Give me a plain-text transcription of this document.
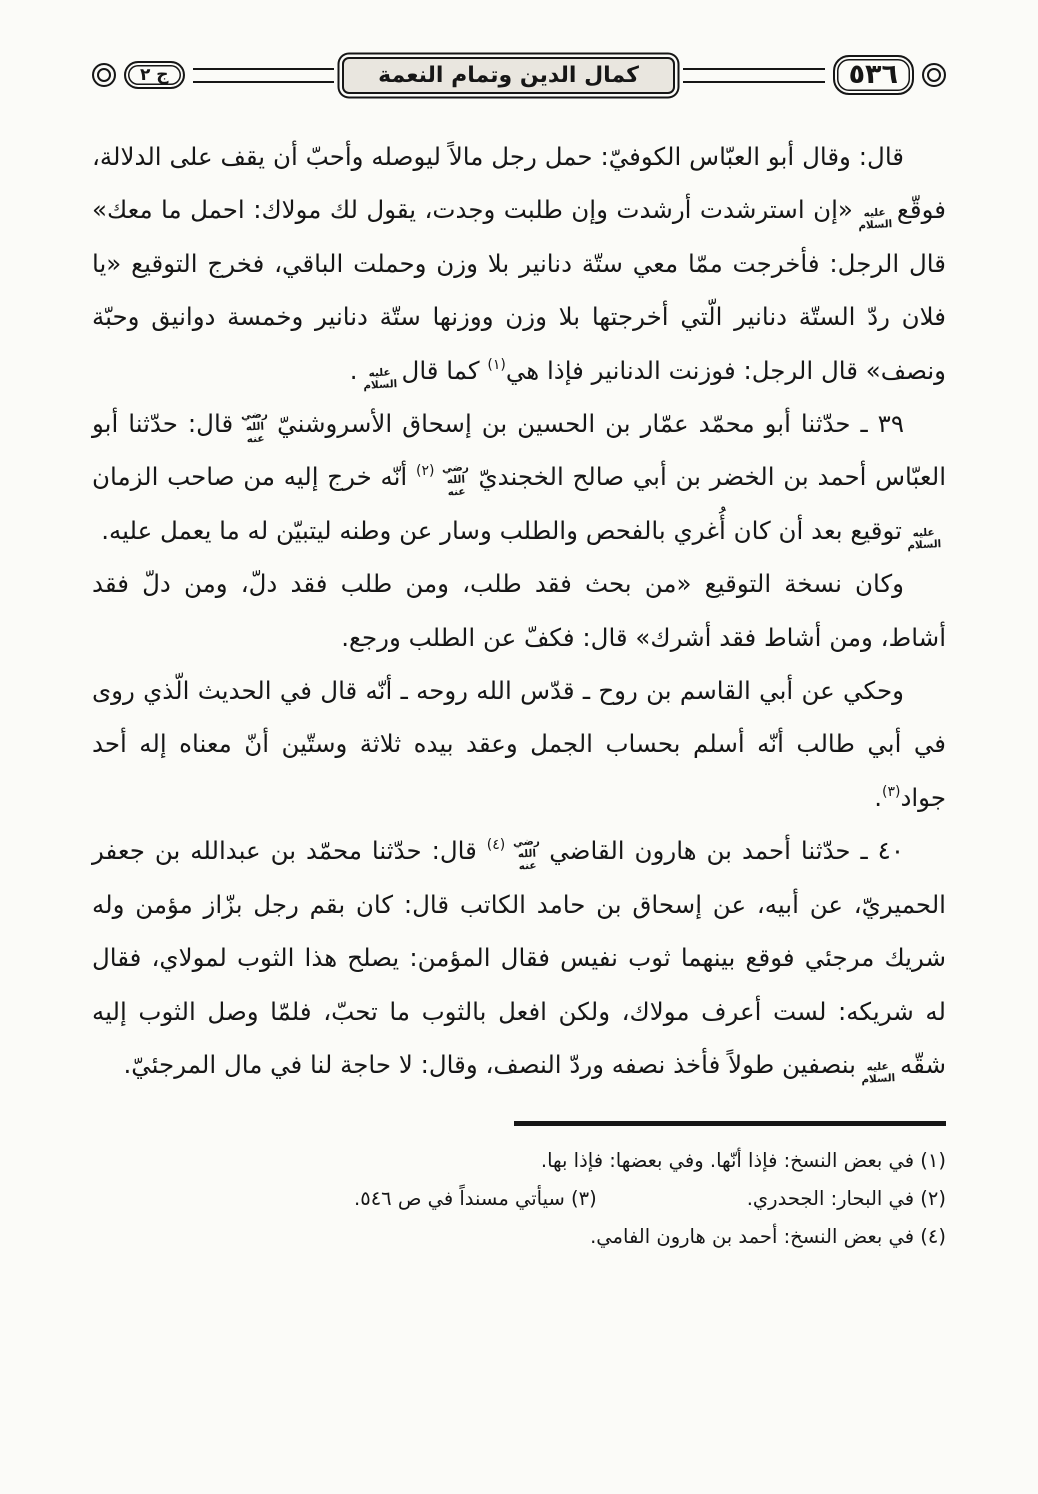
ج ٢	كمال الدين وتمام النعمة	٥٣٦

قال: وقال أبو العبّاس الكوفيّ: حمل رجل مالاً ليوصله وأحبّ أن يقف على الدلالة، فوقّععليه السلام«إن استرشدت أرشدت وإن طلبت وجدت، يقول لك مولاك: احمل ما معك» قال الرجل: فأخرجت ممّا معي ستّة دنانير بلا وزن وحملت الباقي، فخرج التوقيع «يا فلان ردّ الستّة دنانير الّتي أخرجتها بلا وزن ووزنها ستّة دنانير وخمسة دوانيق وحبّة ونصف» قال الرجل: فوزنت الدنانير فإذا هي$^{(١)}$ كما قالعليه السلام.

٣٩ ـ حدّثنا أبو محمّد عمّار بن الحسين بن إسحاق الأسروشنيّرضي الله عنهقال: حدّثنا أبو العبّاس أحمد بن الخضر بن أبي صالح الخجنديّرضي الله عنه$^{(٢)}$ أنّه خرج إليه من صاحب الزمانعليه السلامتوقيع بعد أن كان أُغري بالفحص والطلب وسار عن وطنه ليتبيّن له ما يعمل عليه.

وكان نسخة التوقيع «من بحث فقد طلب، ومن طلب فقد دلّ، ومن دلّ فقد أشاط، ومن أشاط فقد أشرك» قال: فكفّ عن الطلب ورجع.

وحكي عن أبي القاسم بن روح ـ قدّس الله روحه ـ أنّه قال في الحديث الّذي روى في أبي طالب أنّه أسلم بحساب الجمل وعقد بيده ثلاثة وستّين أنّ معناه إله أحد جواد$^{(٣)}$.

٤٠ ـ حدّثنا أحمد بن هارون القاضيرضي الله عنه$^{(٤)}$ قال: حدّثنا محمّد بن عبدالله بن جعفر الحميريّ، عن أبيه، عن إسحاق بن حامد الكاتب قال: كان بقم رجل بزّاز مؤمن وله شريك مرجئي فوقع بينهما ثوب نفيس فقال المؤمن: يصلح هذا الثوب لمولاي، فقال له شريكه: لست أعرف مولاك، ولكن افعل بالثوب ما تحبّ، فلمّا وصل الثوب إليه شقّهعليه السلامبنصفين طولاً فأخذ نصفه وردّ النصف، وقال: لا حاجة لنا في مال المرجئيّ.

(١) في بعض النسخ: فإذا أنّها. وفي بعضها: فإذا بها.
(٢) في البحار: الجحدري.
(٣) سيأتي مسنداً في ص ٥٤٦.
(٤) في بعض النسخ: أحمد بن هارون الفامي.
